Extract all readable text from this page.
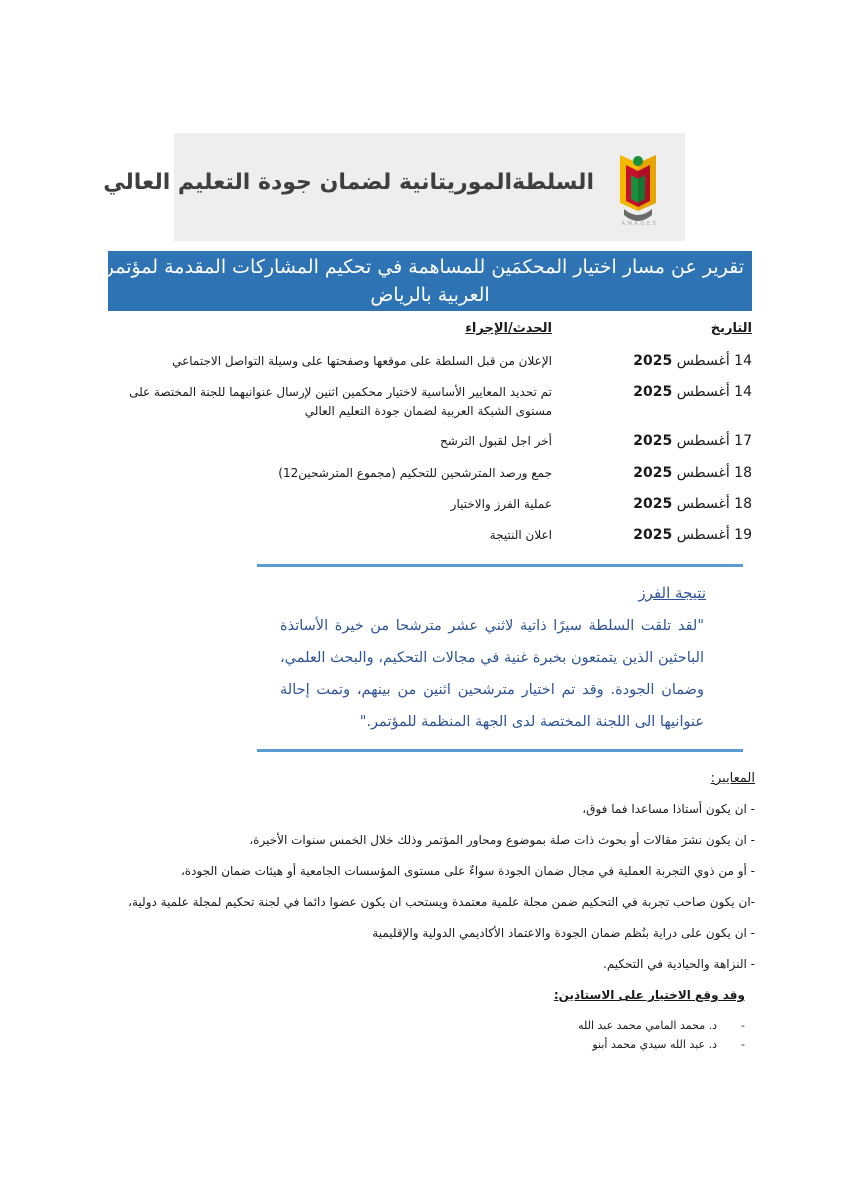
السلطةالموريتانية لضمان جودة التعليم العالي
A.M.A.Q.E.S
تقرير عن مسار اختيار المحكمَين للمساهمة في تحكيم المشاركات المقدمة لمؤتمر الشبكة
العربية بالرياض
التاريخ
الحدث/الإجراء
14 أغسطس 2025
الإعلان من قبل السلطة على موقعها وصفحتها على وسيلة التواصل الاجتماعي
14 أغسطس 2025
تم تحديد المعايير الأساسية لاختيار محكمين اثنين لإرسال عنوانيهما للجنة المختصة على مستوى الشبكة العربية لضمان جودة التعليم العالي
17 أغسطس 2025
أخر اجل لقبول الترشح
18 أغسطس 2025
جمع ورصد المترشحين للتحكيم (مجموع المترشحين12)
18 أغسطس 2025
عملية الفرز والاختيار
19 أغسطس 2025
اعلان النتيجة
نتيجة الفرز
"لقد تلقت السلطة سيرًا ذاتية لاثني عشر مترشحا من خيرة الأساتذة الباحثين الذين يتمتعون بخبرة غنية في مجالات التحكيم، والبحث العلمي، وضمان الجودة. وقد تم اختيار مترشحين اثنين من بينهم، وتمت إحالة عنوانيها الى اللجنة المختصة لدى الجهة المنظمة للمؤتمر."
المعايير:
- ان يكون أستاذا مساعدا فما فوق،
- ان يكون نشرَ مقالات أو بحوث ذات صلة بموضوع ومحاور المؤتمر وذلك خلال الخمس سنوات الأخيرة،
- أو من ذوي التجربة العملية في مجال ضمان الجودة سواءٌ على مستوى المؤسسات الجامعية أو هيئات ضمان الجودة،
-ان يكون صاحب تجربة في التحكيم ضمن مجلة علمية معتمدة ويستحب ان يكون عضوا دائما في لجنة تحكيم لمجلة علمية دولية،
- ان يكون على دراية بنُظم ضمان الجودة والاعتماد الأكاديمي الدولية والإقليمية
- النزاهة والحيادية في التحكيم.
وقد وقع الاختيار على الاستاذين:
-د. محمد المامي محمد عبد الله
-د. عبد الله سيدي محمد أبنو
